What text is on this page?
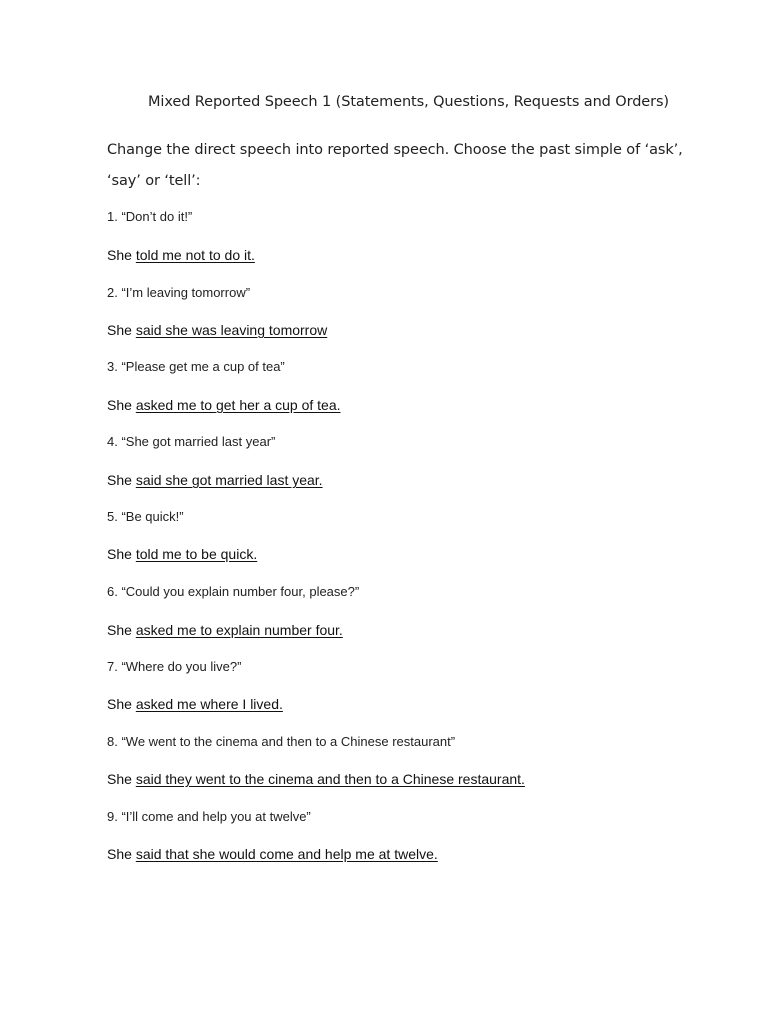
Mixed Reported Speech 1 (Statements, Questions, Requests and Orders)
Change the direct speech into reported speech. Choose the past simple of ‘ask’,
‘say’ or ‘tell’:
1. “Don’t do it!”
She told me not to do it.
2. “I’m leaving tomorrow”
She said she was leaving tomorrow
3. “Please get me a cup of tea”
She asked me to get her a cup of tea.
4. “She got married last year”
She said she got married last year.
5. “Be quick!”
She told me to be quick.
6. “Could you explain number four, please?”
She asked me to explain number four.
7. “Where do you live?”
She asked me where I lived.
8. “We went to the cinema and then to a Chinese restaurant”
She said they went to the cinema and then to a Chinese restaurant.
9. “I’ll come and help you at twelve”
She said that she would come and help me at twelve.
